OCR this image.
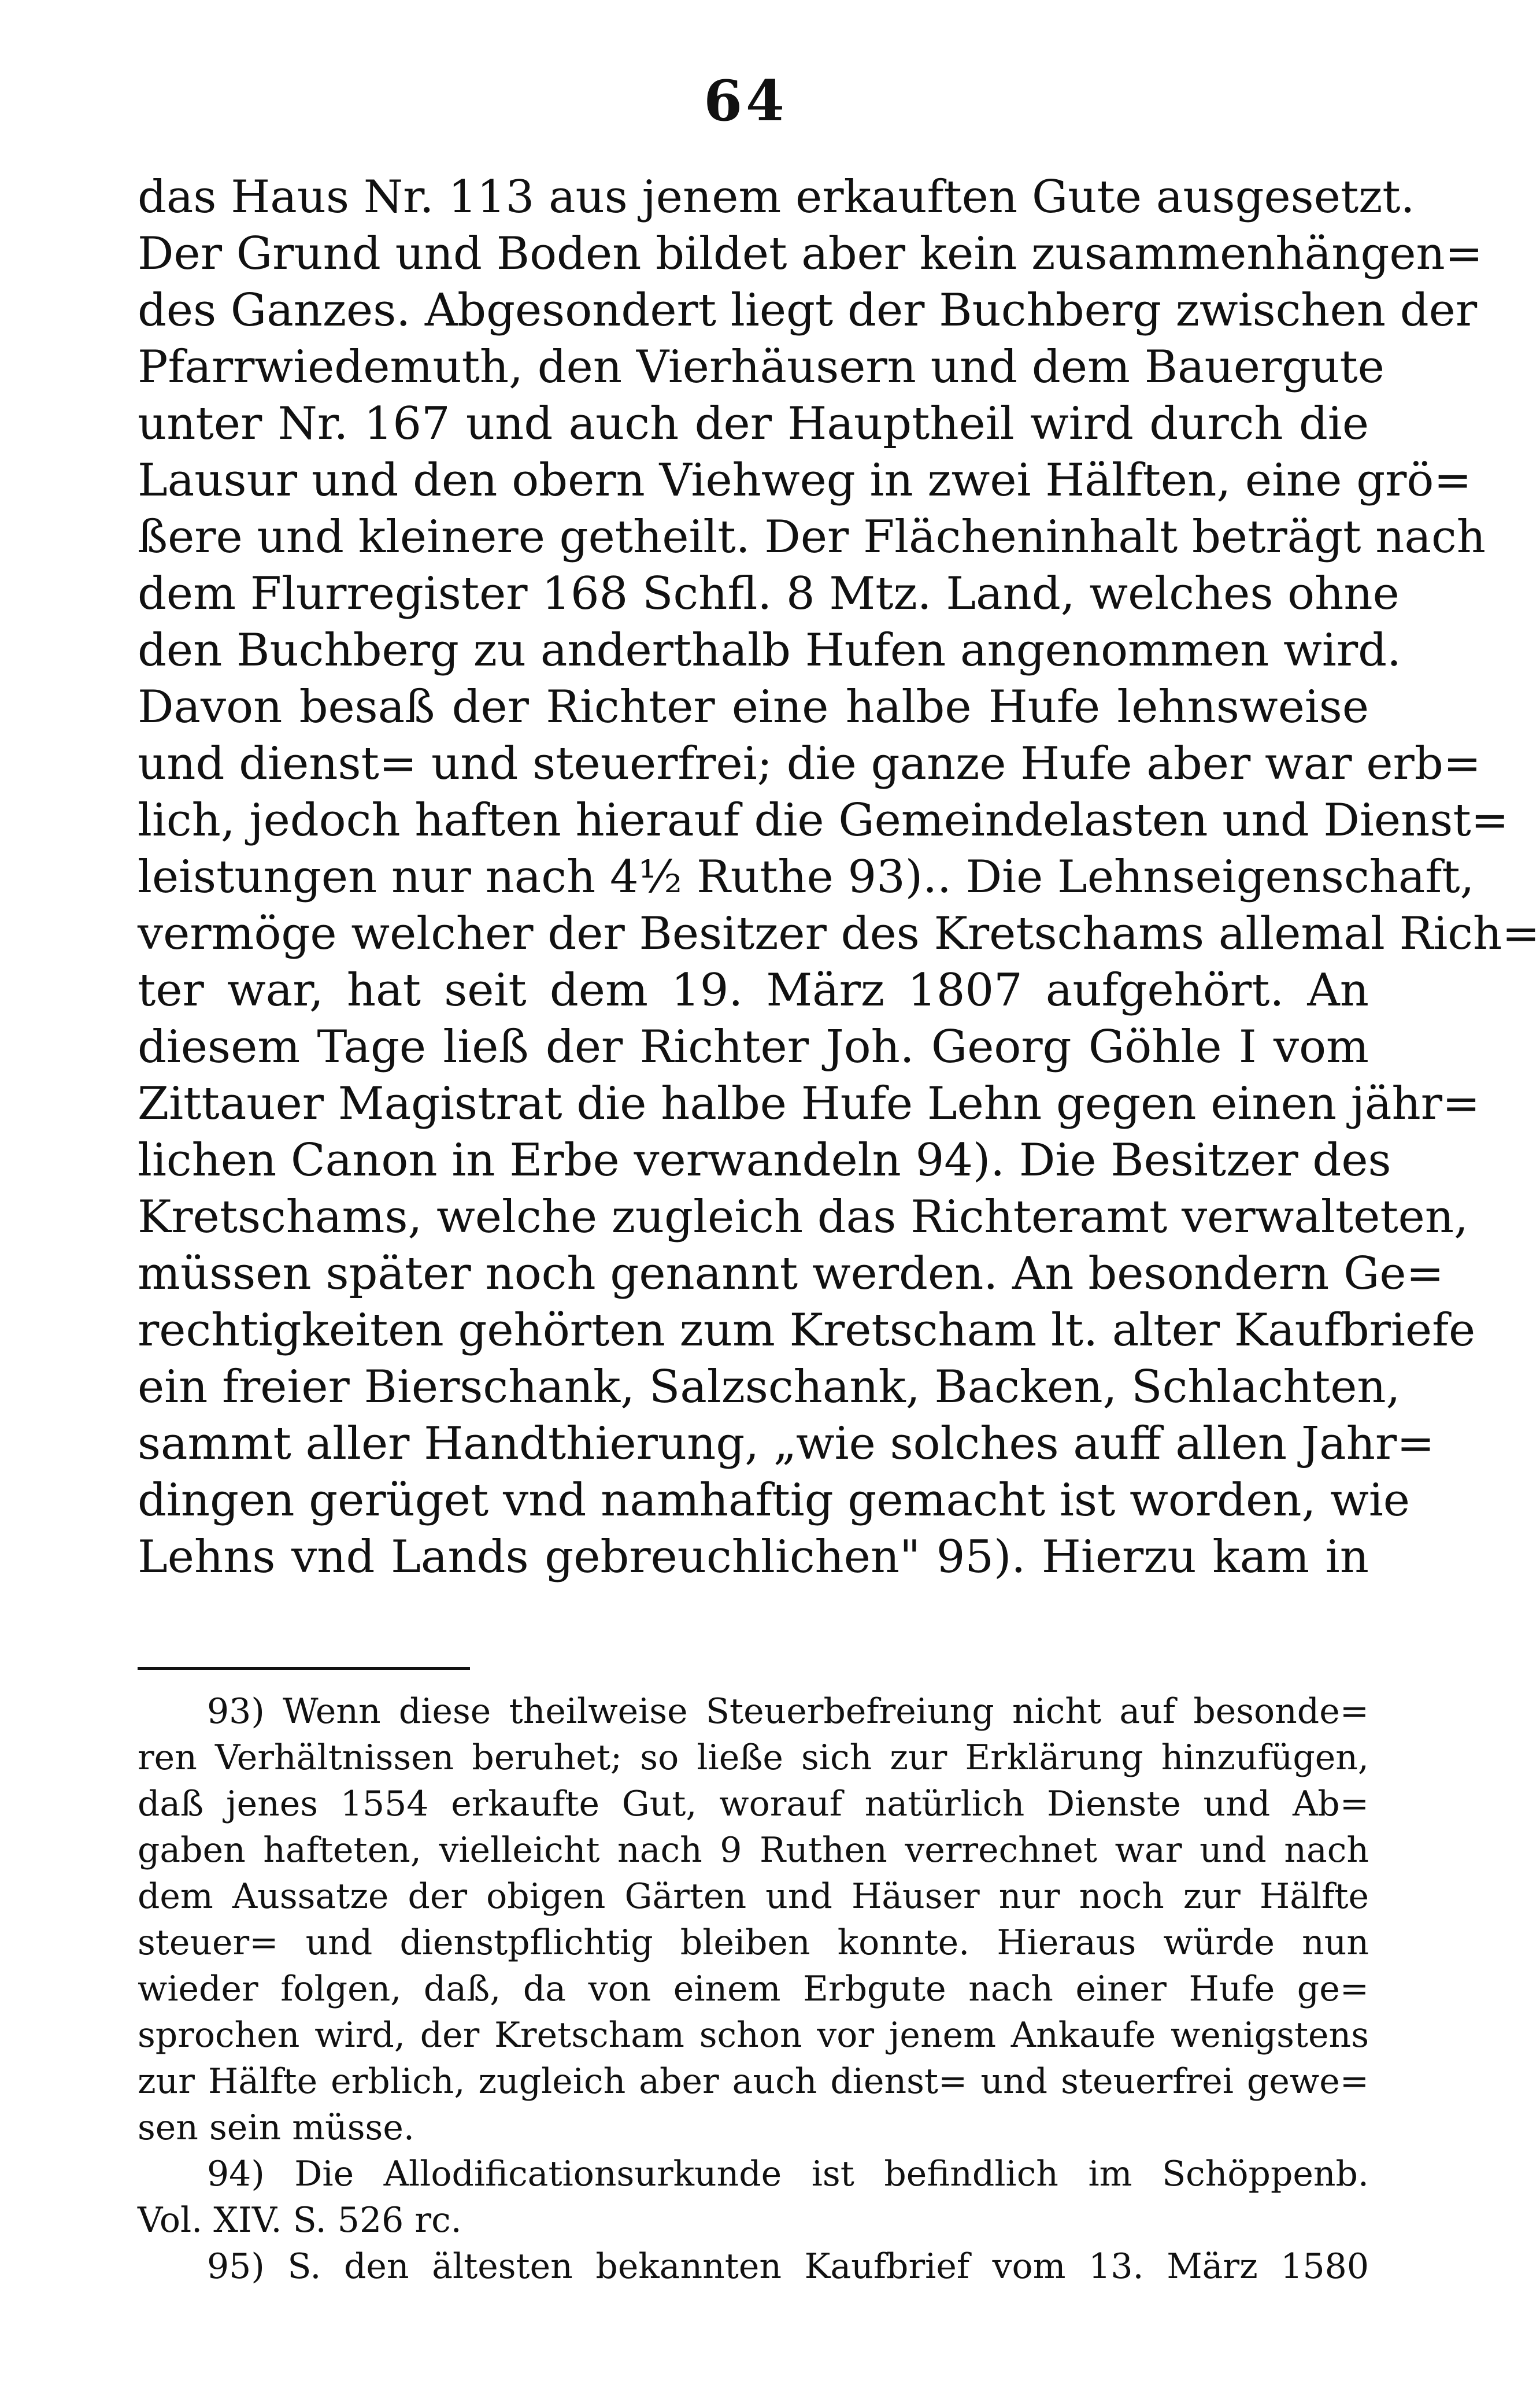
64
das Haus Nr. 113 aus jenem erkauften Gute ausgesetzt.
Der Grund und Boden bildet aber kein zusammenhängen=
des Ganzes. Abgesondert liegt der Buchberg zwischen der
Pfarrwiedemuth, den Vierhäusern und dem Bauergute
unter Nr. 167 und auch der Hauptheil wird durch die
Lausur und den obern Viehweg in zwei Hälften, eine grö=
ßere und kleinere getheilt. Der Flächeninhalt beträgt nach
dem Flurregister 168 Schfl. 8 Mtz. Land, welches ohne
den Buchberg zu anderthalb Hufen angenommen wird.
Davon besaß der Richter eine halbe Hufe lehnsweise
und dienst= und steuerfrei; die ganze Hufe aber war erb=
lich, jedoch haften hierauf die Gemeindelasten und Dienst=
leistungen nur nach 4½ Ruthe 93).. Die Lehnseigenschaft,
vermöge welcher der Besitzer des Kretschams allemal Rich=
ter war, hat seit dem 19. März 1807 aufgehört. An
diesem Tage ließ der Richter Joh. Georg Göhle I vom
Zittauer Magistrat die halbe Hufe Lehn gegen einen jähr=
lichen Canon in Erbe verwandeln 94). Die Besitzer des
Kretschams, welche zugleich das Richteramt verwalteten,
müssen später noch genannt werden. An besondern Ge=
rechtigkeiten gehörten zum Kretscham lt. alter Kaufbriefe
ein freier Bierschank, Salzschank, Backen, Schlachten,
sammt aller Handthierung, „wie solches auff allen Jahr=
dingen gerüget vnd namhaftig gemacht ist worden, wie
Lehns vnd Lands gebreuchlichen" 95). Hierzu kam in
93) Wenn diese theilweise Steuerbefreiung nicht auf besonde=
ren Verhältnissen beruhet; so ließe sich zur Erklärung hinzufügen,
daß jenes 1554 erkaufte Gut, worauf natürlich Dienste und Ab=
gaben hafteten, vielleicht nach 9 Ruthen verrechnet war und nach
dem Aussatze der obigen Gärten und Häuser nur noch zur Hälfte
steuer= und dienstpflichtig bleiben konnte. Hieraus würde nun
wieder folgen, daß, da von einem Erbgute nach einer Hufe ge=
sprochen wird, der Kretscham schon vor jenem Ankaufe wenigstens
zur Hälfte erblich, zugleich aber auch dienst= und steuerfrei gewe=
sen sein müsse.
94) Die Allodificationsurkunde ist befindlich im Schöppenb.
Vol. XIV. S. 526 rc.
95) S. den ältesten bekannten Kaufbrief vom 13. März 1580
